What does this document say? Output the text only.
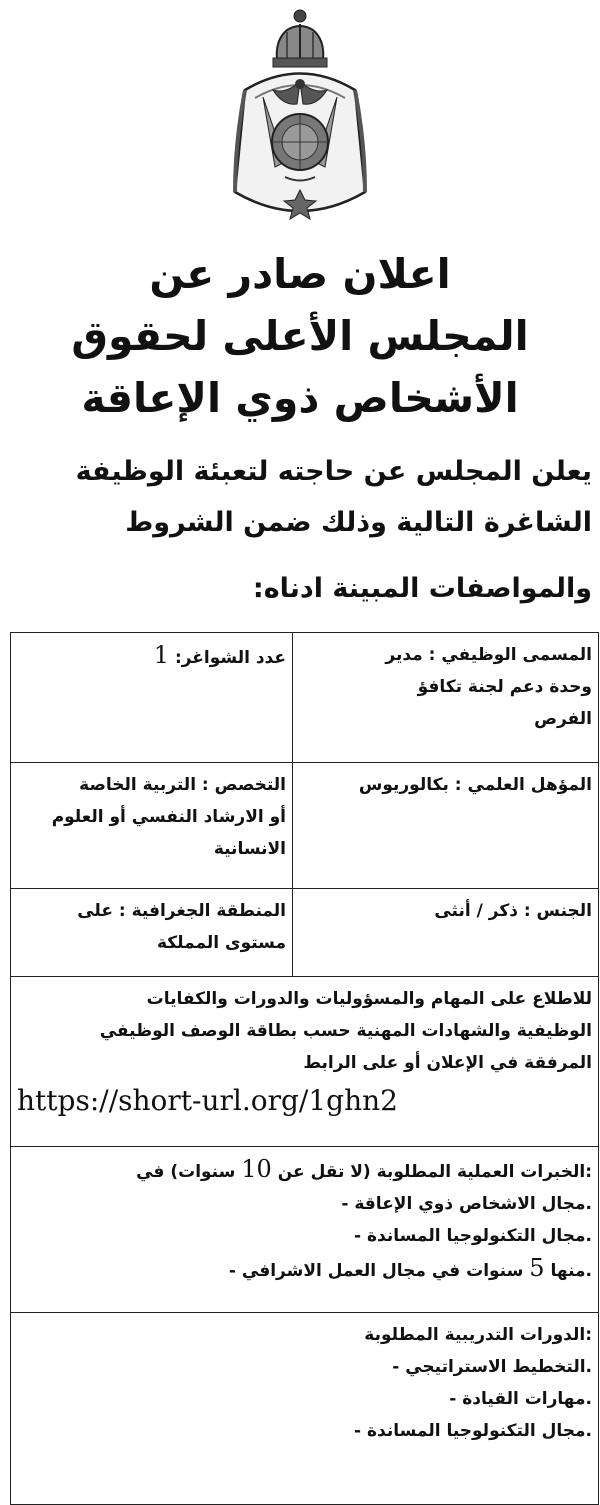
اعلان صادر عن
المجلس الأعلى لحقوق
الأشخاص ذوي الإعاقة
يعلن المجلس عن حاجته لتعبئة الوظيفة
الشاغرة التالية وذلك ضمن الشروط
والمواصفات المبينة ادناه:
المسمى الوظيفي : مدير
وحدة دعم لجنة تكافؤ
الفرص	عدد الشواغر: 1
المؤهل العلمي : بكالوريوس	التخصص : التربية الخاصة
أو الارشاد النفسي أو العلوم
الانسانية

الجنس : ذكر / أنثى	المنطقة الجغرافية : على
مستوى المملكة

للاطلاع على المهام والمسؤوليات والدورات والكفايات
الوظيفية والشهادات المهنية حسب بطاقة الوصف الوظيفي
المرفقة في الإعلان أو على الرابط
https://short-url.org/1ghn2	

:الخبرات العملية المطلوبة (لا تقل عن 10 سنوات) في
.مجال الاشخاص ذوي الإعاقة -
.مجال التكنولوجيا المساندة -
.منها 5 سنوات في مجال العمل الاشرافي -	

:الدورات التدريبية المطلوبة
.التخطيط الاستراتيجي -
.مهارات القيادة -
.مجال التكنولوجيا المساندة -	
